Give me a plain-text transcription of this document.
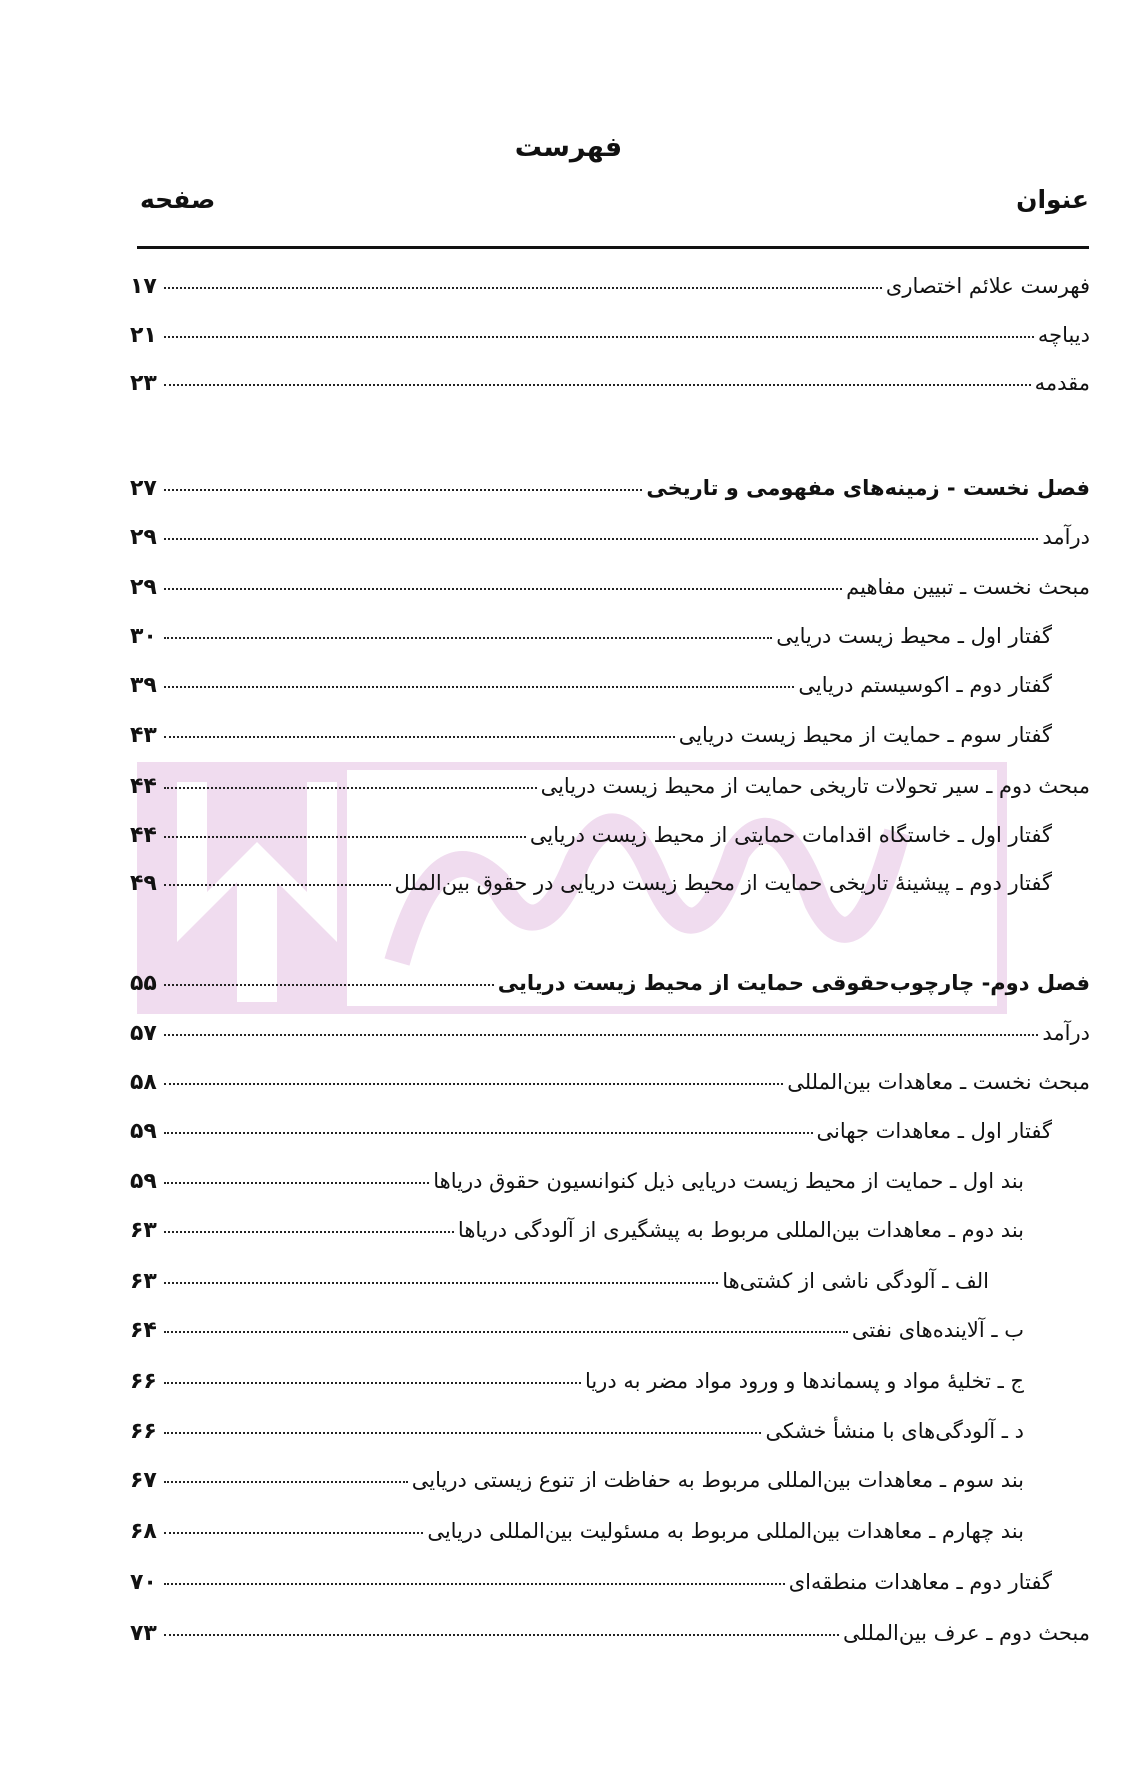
فهرست
عنوان
صفحه
فهرست علائم اختصاری
۱۷
دیباچه
۲۱
مقدمه
۲۳
فصل نخست - زمینه‌های مفهومی و تاریخی
۲۷
درآمد
۲۹
مبحث نخست ـ تبیین مفاهیم
۲۹
گفتار اول ـ محیط زیست دریایی
۳۰
گفتار دوم ـ اکوسیستم دریایی
۳۹
گفتار سوم ـ حمایت از محیط زیست دریایی
۴۳
مبحث دوم ـ سیر تحولات تاریخی حمایت از محیط زیست دریایی
۴۴
گفتار اول ـ خاستگاه اقدامات حمایتی از محیط زیست دریایی
۴۴
گفتار دوم ـ پیشینهٔ تاریخی حمایت از محیط زیست دریایی در حقوق بین‌الملل
۴۹
فصل دوم- چارچوب‌حقوقی حمایت از محیط زیست دریایی
۵۵
درآمد
۵۷
مبحث نخست ـ معاهدات بین‌المللی
۵۸
گفتار اول ـ معاهدات جهانی
۵۹
بند اول ـ حمایت از محیط زیست دریایی ذیل کنوانسیون حقوق دریاها
۵۹
بند دوم ـ معاهدات بین‌المللی مربوط به پیشگیری از آلودگی دریاها
۶۳
الف ـ آلودگی ناشی از کشتی‌ها
۶۳
ب ـ آلاینده‌های نفتی
۶۴
ج ـ تخلیهٔ مواد و پسماندها و ورود مواد مضر به دریا
۶۶
د ـ آلودگی‌های با منشأ خشکی
۶۶
بند سوم ـ معاهدات بین‌المللی مربوط به حفاظت از تنوع زیستی دریایی
۶۷
بند چهارم ـ معاهدات بین‌المللی مربوط به مسئولیت بین‌المللی دریایی
۶۸
گفتار دوم ـ معاهدات منطقه‌ای
۷۰
مبحث دوم ـ عرف بین‌المللی
۷۳
